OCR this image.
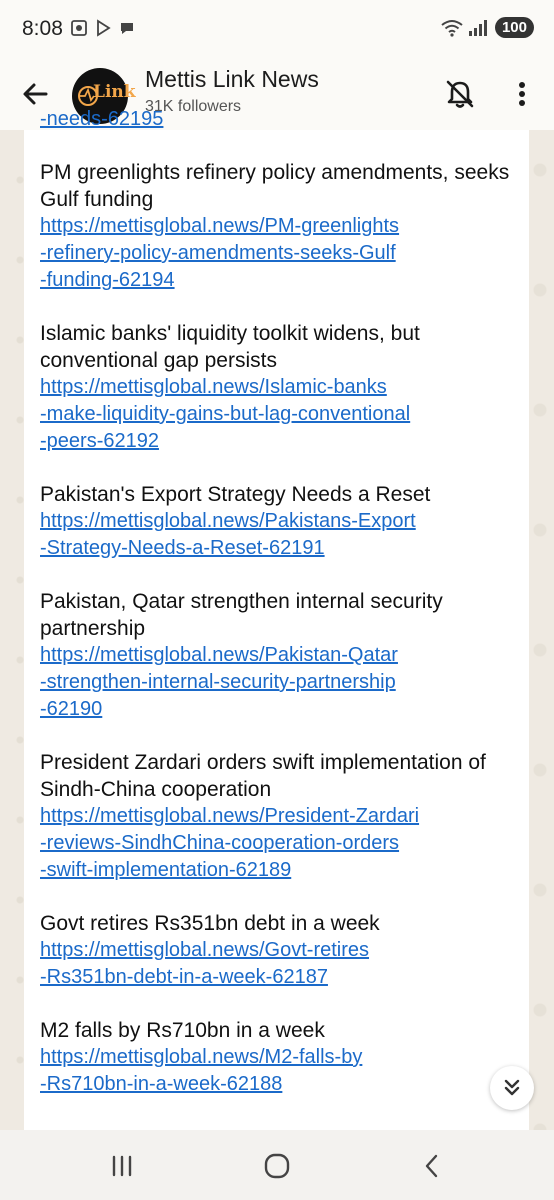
8:08	100
Link Mettis Link News
31K followers
-needs-62195
PM greenlights refinery policy amendments, seeks Gulf funding
https://mettisglobal.news/PM-greenlights
-refinery-policy-amendments-seeks-Gulf
-funding-62194
Islamic banks' liquidity toolkit widens, but conventional gap persists
https://mettisglobal.news/Islamic-banks
-make-liquidity-gains-but-lag-conventional
-peers-62192
Pakistan's Export Strategy Needs a Reset
https://mettisglobal.news/Pakistans-Export
-Strategy-Needs-a-Reset-62191
Pakistan, Qatar strengthen internal security partnership
https://mettisglobal.news/Pakistan-Qatar
-strengthen-internal-security-partnership
-62190
President Zardari orders swift implementation of Sindh-China cooperation
https://mettisglobal.news/President-Zardari
-reviews-SindhChina-cooperation-orders
-swift-implementation-62189
Govt retires Rs351bn debt in a week
https://mettisglobal.news/Govt-retires
-Rs351bn-debt-in-a-week-62187
M2 falls by Rs710bn in a week
https://mettisglobal.news/M2-falls-by
-Rs710bn-in-a-week-62188
